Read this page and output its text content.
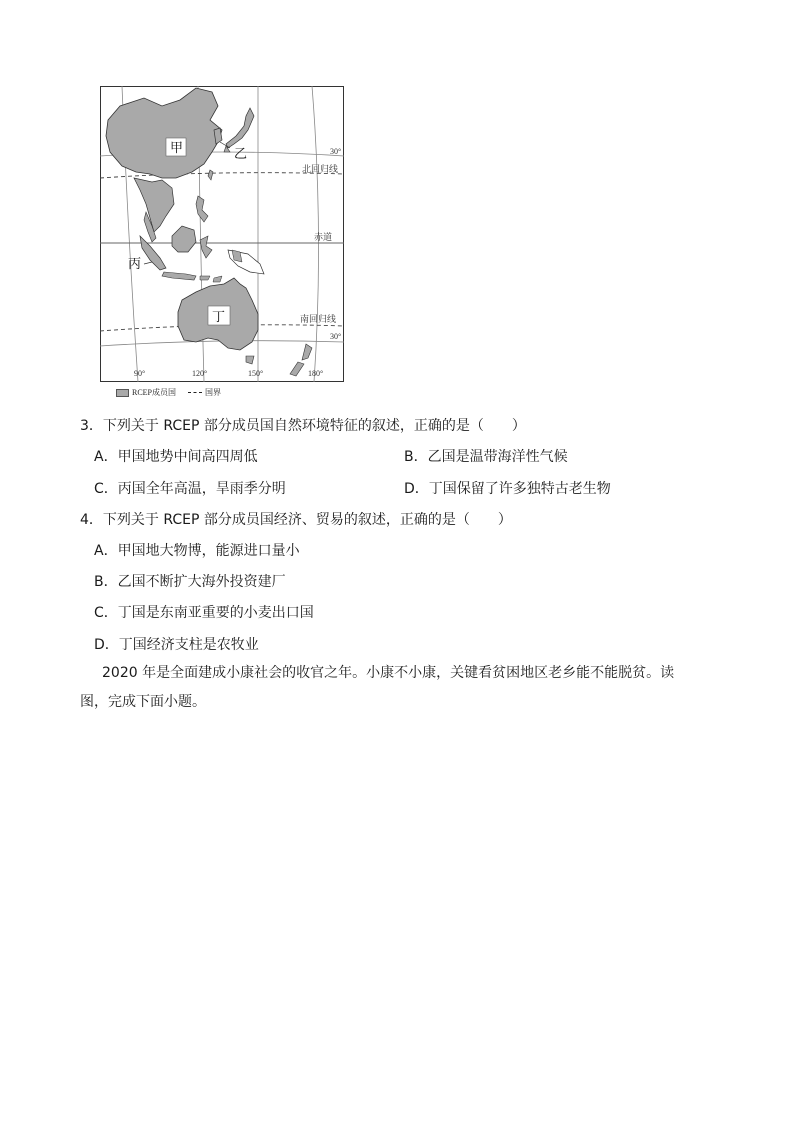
甲	乙
丙
丁
北回归线
赤道
南回归线
30°
30°
90°	120°	150°	180°
RCEP成员国	国界
3．下列关于 RCEP 部分成员国自然环境特征的叙述，正确的是（　　）
A．甲国地势中间高四周低	B．乙国是温带海洋性气候
C．丙国全年高温，旱雨季分明	D．丁国保留了许多独特古老生物
4．下列关于 RCEP 部分成员国经济、贸易的叙述，正确的是（　　）
A．甲国地大物博，能源进口量小
B．乙国不断扩大海外投资建厂
C．丁国是东南亚重要的小麦出口国
D．丁国经济支柱是农牧业
2020 年是全面建成小康社会的收官之年。小康不小康，关键看贫困地区老乡能不能脱贫。读
图，完成下面小题。
